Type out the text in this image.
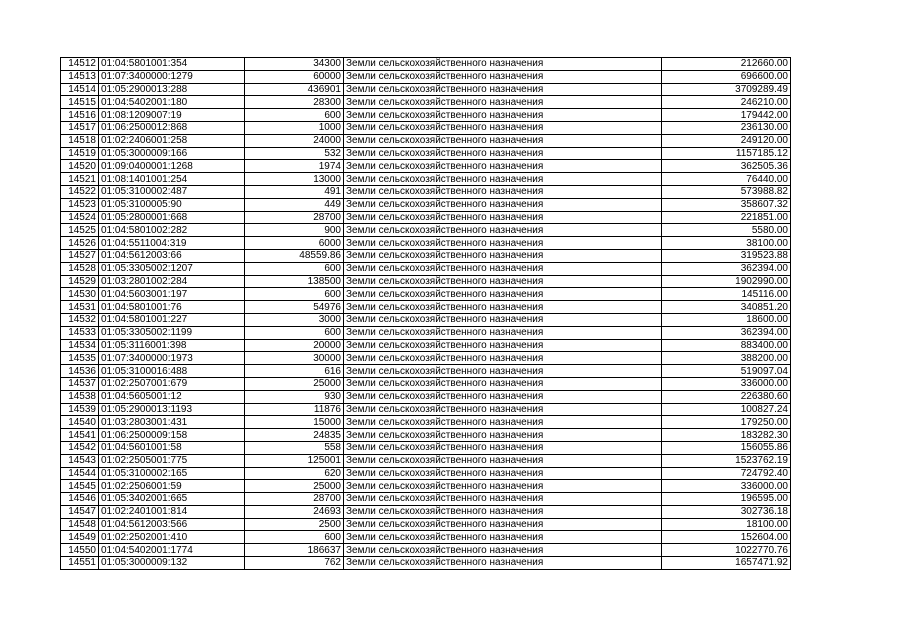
14512	01:04:5801001:354	34300	Земли сельскохозяйственного назначения	212660.00
14513	01:07:3400000:1279	60000	Земли сельскохозяйственного назначения	696600.00
14514	01:05:2900013:288	436901	Земли сельскохозяйственного назначения	3709289.49
14515	01:04:5402001:180	28300	Земли сельскохозяйственного назначения	246210.00
14516	01:08:1209007:19	600	Земли сельскохозяйственного назначения	179442.00
14517	01:06:2500012:868	1000	Земли сельскохозяйственного назначения	236130.00
14518	01:02:2406001:258	24000	Земли сельскохозяйственного назначения	249120.00
14519	01:05:3000009:166	532	Земли сельскохозяйственного назначения	1157185.12
14520	01:09:0400001:1268	1974	Земли сельскохозяйственного назначения	362505.36
14521	01:08:1401001:254	13000	Земли сельскохозяйственного назначения	76440.00
14522	01:05:3100002:487	491	Земли сельскохозяйственного назначения	573988.82
14523	01:05:3100005:90	449	Земли сельскохозяйственного назначения	358607.32
14524	01:05:2800001:668	28700	Земли сельскохозяйственного назначения	221851.00
14525	01:04:5801002:282	900	Земли сельскохозяйственного назначения	5580.00
14526	01:04:5511004:319	6000	Земли сельскохозяйственного назначения	38100.00
14527	01:04:5612003:66	48559.86	Земли сельскохозяйственного назначения	319523.88
14528	01:05:3305002:1207	600	Земли сельскохозяйственного назначения	362394.00
14529	01:03:2801002:284	138500	Земли сельскохозяйственного назначения	1902990.00
14530	01:04:5603001:197	600	Земли сельскохозяйственного назначения	145116.00
14531	01:04:5801001:76	54976	Земли сельскохозяйственного назначения	340851.20
14532	01:04:5801001:227	3000	Земли сельскохозяйственного назначения	18600.00
14533	01:05:3305002:1199	600	Земли сельскохозяйственного назначения	362394.00
14534	01:05:3116001:398	20000	Земли сельскохозяйственного назначения	883400.00
14535	01:07:3400000:1973	30000	Земли сельскохозяйственного назначения	388200.00
14536	01:05:3100016:488	616	Земли сельскохозяйственного назначения	519097.04
14537	01:02:2507001:679	25000	Земли сельскохозяйственного назначения	336000.00
14538	01:04:5605001:12	930	Земли сельскохозяйственного назначения	226380.60
14539	01:05:2900013:1193	11876	Земли сельскохозяйственного назначения	100827.24
14540	01:03:2803001:431	15000	Земли сельскохозяйственного назначения	179250.00
14541	01:06:2500009:158	24835	Земли сельскохозяйственного назначения	183282.30
14542	01:04:5601001:58	558	Земли сельскохозяйственного назначения	156055.86
14543	01:02:2505001:775	125001	Земли сельскохозяйственного назначения	1523762.19
14544	01:05:3100002:165	620	Земли сельскохозяйственного назначения	724792.40
14545	01:02:2506001:59	25000	Земли сельскохозяйственного назначения	336000.00
14546	01:05:3402001:665	28700	Земли сельскохозяйственного назначения	196595.00
14547	01:02:2401001:814	24693	Земли сельскохозяйственного назначения	302736.18
14548	01:04:5612003:566	2500	Земли сельскохозяйственного назначения	18100.00
14549	01:02:2502001:410	600	Земли сельскохозяйственного назначения	152604.00
14550	01:04:5402001:1774	186637	Земли сельскохозяйственного назначения	1022770.76
14551	01:05:3000009:132	762	Земли сельскохозяйственного назначения	1657471.92
